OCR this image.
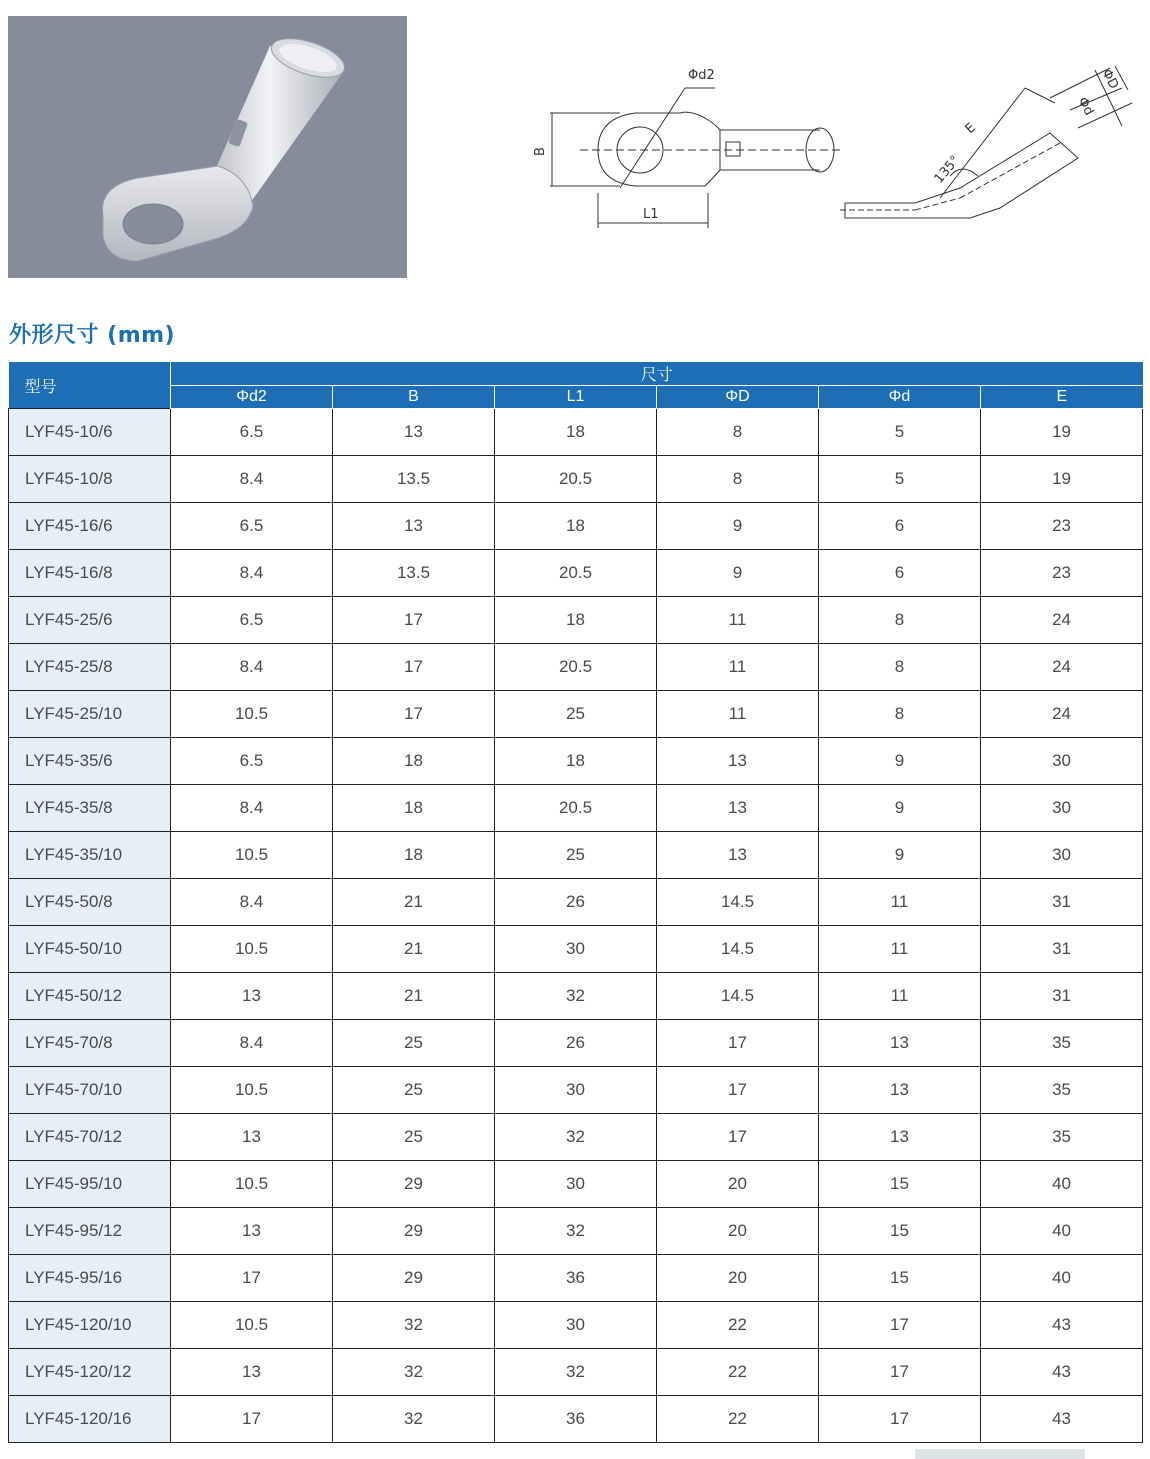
Φd2
B
L1
E
135°
Φd
ΦD
外形尺寸 (mm)
型号	尺寸					
	Φd2	B	L1	ΦD	Φd	E
LYF45-10/6	6.5	13	18	8	5	19
LYF45-10/8	8.4	13.5	20.5	8	5	19
LYF45-16/6	6.5	13	18	9	6	23
LYF45-16/8	8.4	13.5	20.5	9	6	23
LYF45-25/6	6.5	17	18	11	8	24
LYF45-25/8	8.4	17	20.5	11	8	24
LYF45-25/10	10.5	17	25	11	8	24
LYF45-35/6	6.5	18	18	13	9	30
LYF45-35/8	8.4	18	20.5	13	9	30
LYF45-35/10	10.5	18	25	13	9	30
LYF45-50/8	8.4	21	26	14.5	11	31
LYF45-50/10	10.5	21	30	14.5	11	31
LYF45-50/12	13	21	32	14.5	11	31
LYF45-70/8	8.4	25	26	17	13	35
LYF45-70/10	10.5	25	30	17	13	35
LYF45-70/12	13	25	32	17	13	35
LYF45-95/10	10.5	29	30	20	15	40
LYF45-95/12	13	29	32	20	15	40
LYF45-95/16	17	29	36	20	15	40
LYF45-120/10	10.5	32	30	22	17	43
LYF45-120/12	13	32	32	22	17	43
LYF45-120/16	17	32	36	22	17	43
